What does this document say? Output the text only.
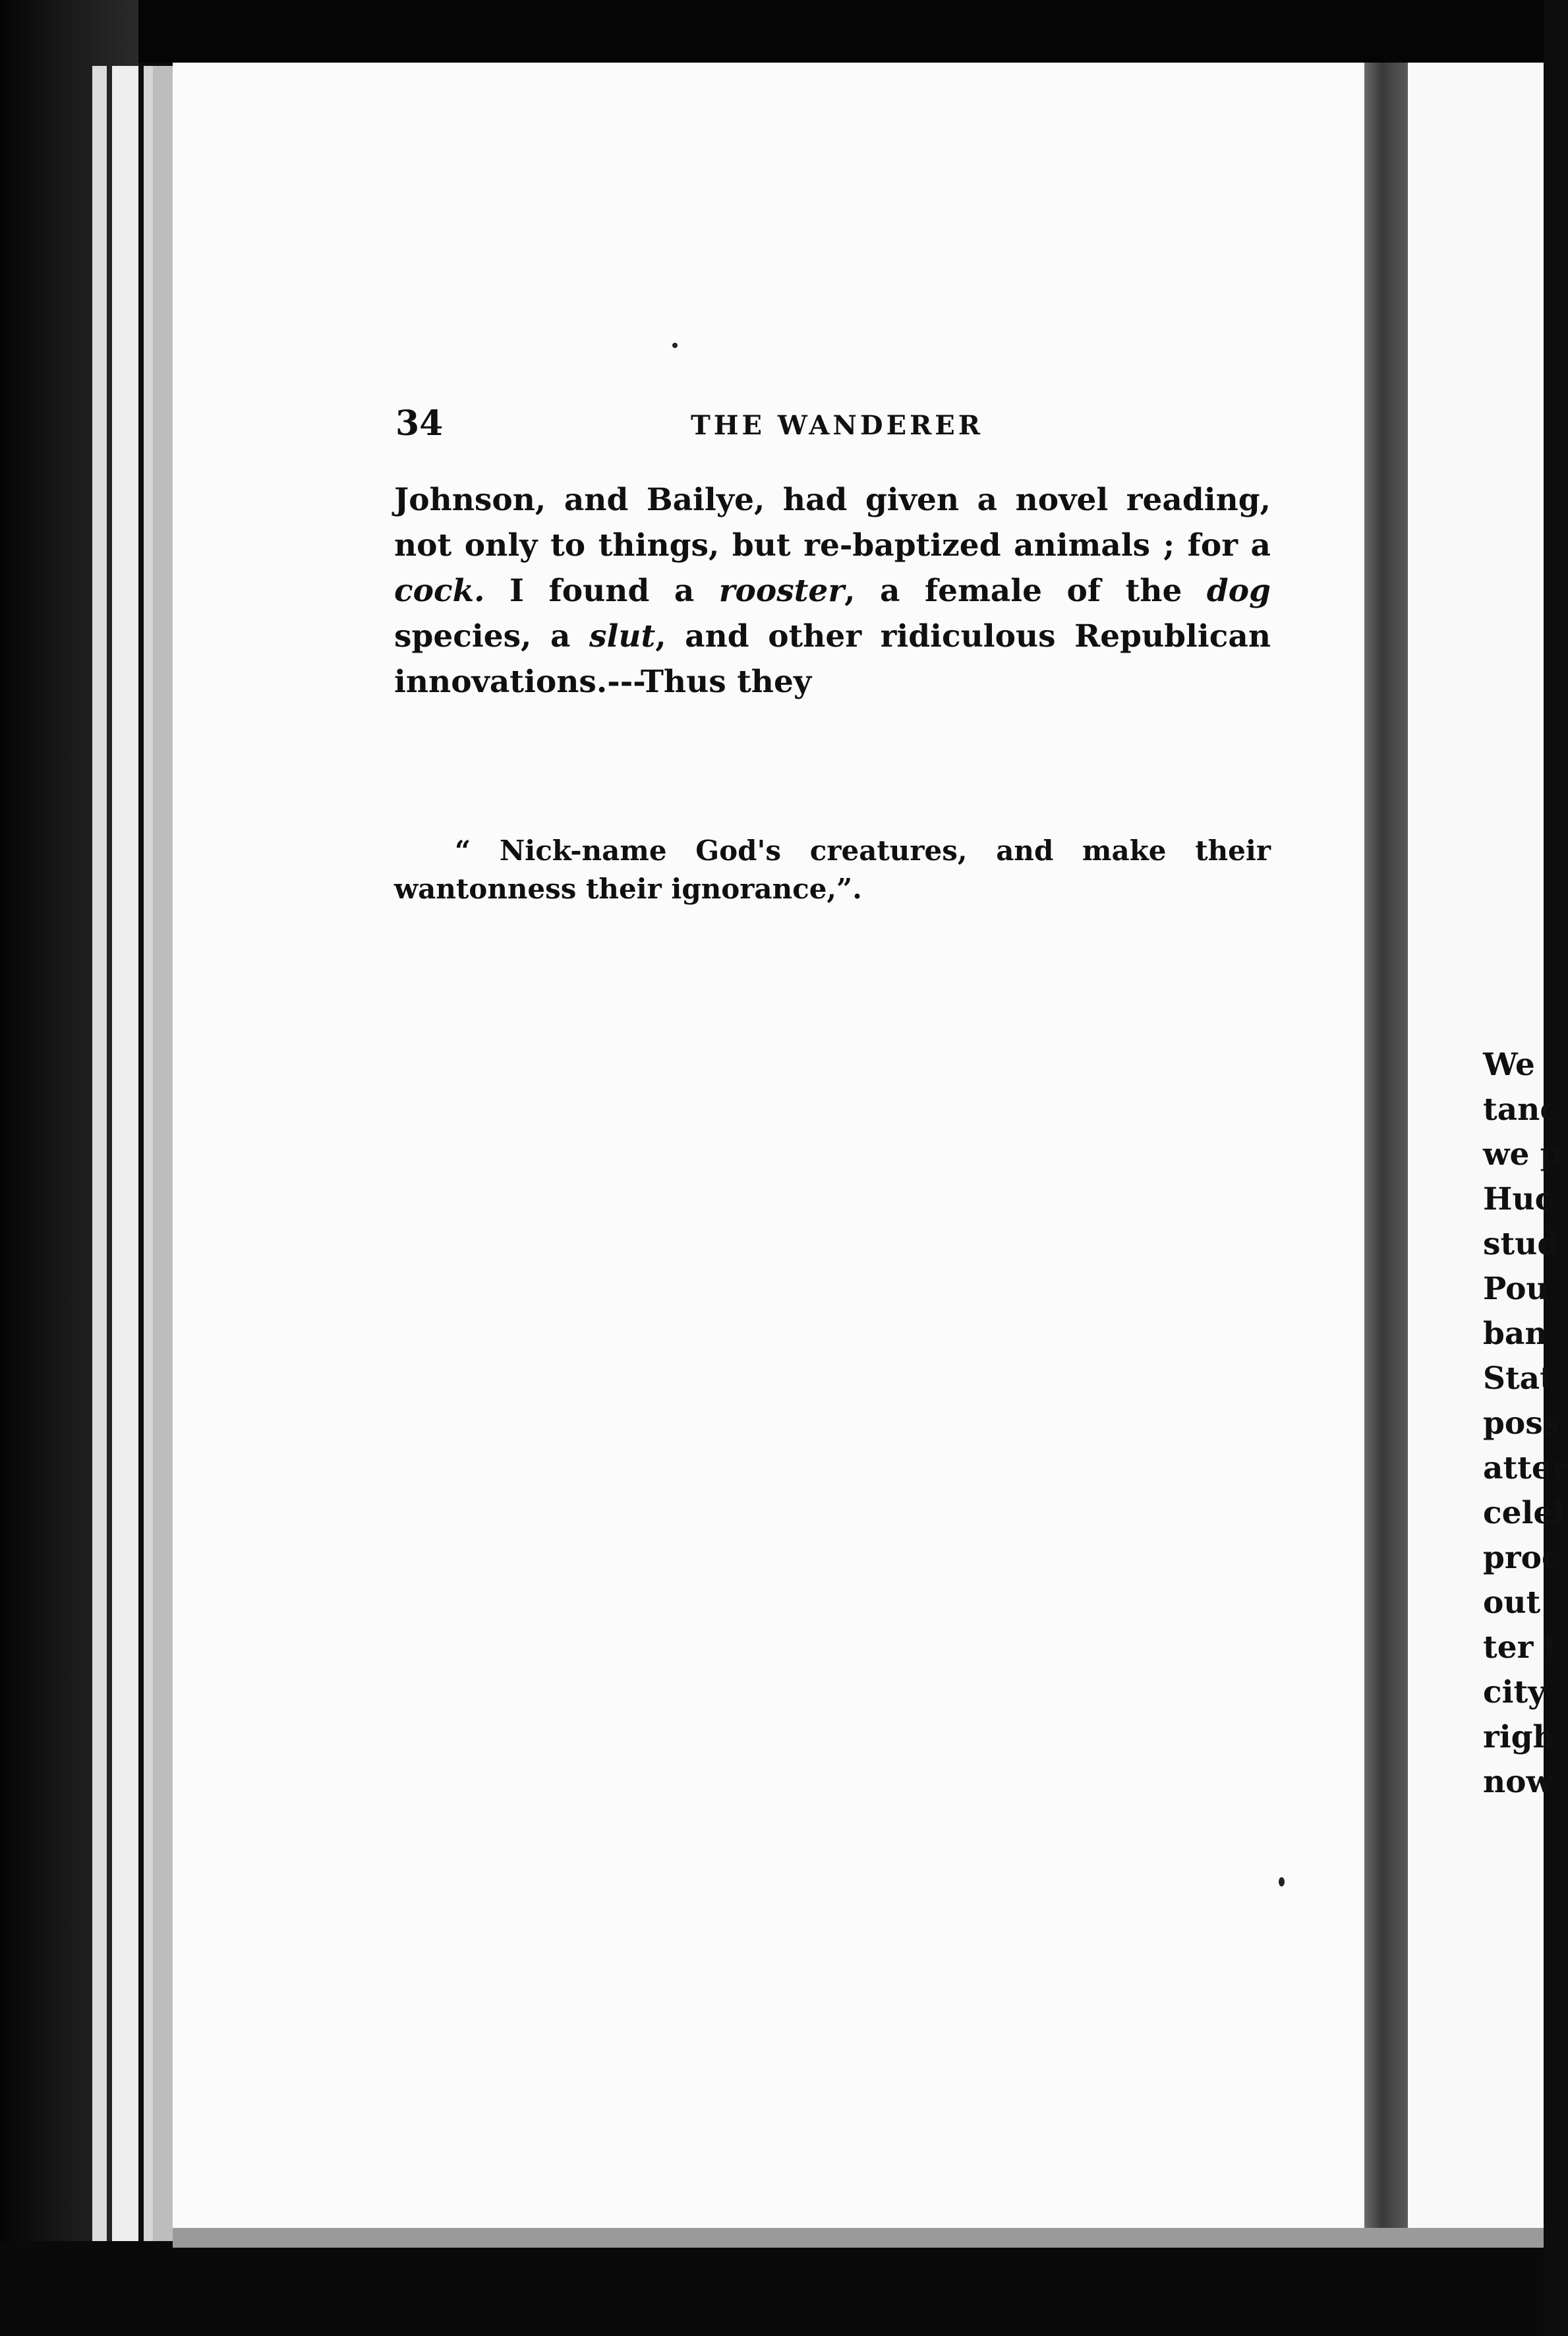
We
tanc
we p
Huc
stud
Pou
ban
Stat
poss
atter
celel
proc
out
ter t
city
righ
now
34	THE WANDERER

Johnson, and Bailye, had given a novel reading, not only to things, but re-baptized animals ; for a cock. I found a rooster, a female of the dog species, a slut, and other ridiculous Republican innovations.---Thus they

“ Nick-name God's creatures, and make their wantonness their ignorance,”.
